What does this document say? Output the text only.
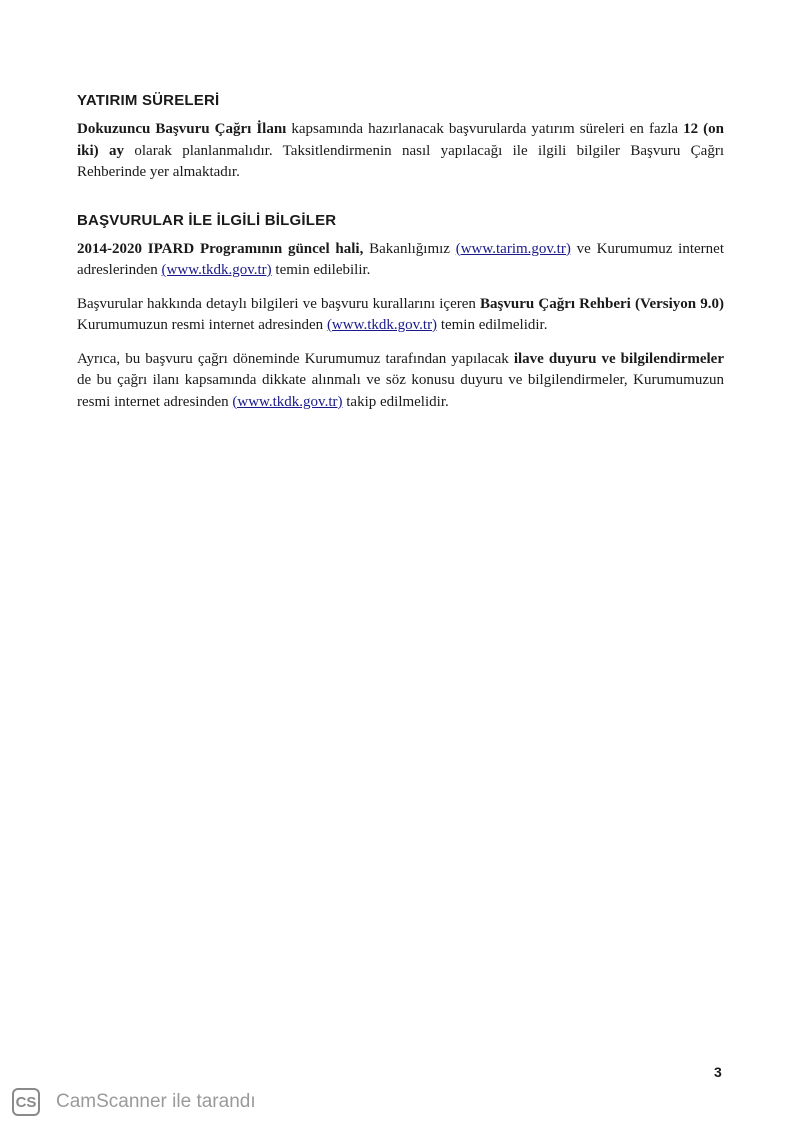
YATIRIM SÜRELERİ

Dokuzuncu Başvuru Çağrı İlanı kapsamında hazırlanacak başvurularda yatırım süreleri en fazla 12 (on iki) ay olarak planlanmalıdır. Taksitlendirmenin nasıl yapılacağı ile ilgili bilgiler Başvuru Çağrı Rehberinde yer almaktadır.

BAŞVURULAR İLE İLGİLİ BİLGİLER

2014-2020 IPARD Programının güncel hali, Bakanlığımız (www.tarim.gov.tr) ve Kurumumuz internet adreslerinden (www.tkdk.gov.tr) temin edilebilir.

Başvurular hakkında detaylı bilgileri ve başvuru kurallarını içeren Başvuru Çağrı Rehberi (Versiyon 9.0) Kurumumuzun resmi internet adresinden (www.tkdk.gov.tr) temin edilmelidir.

Ayrıca, bu başvuru çağrı döneminde Kurumumuz tarafından yapılacak ilave duyuru ve bilgilendirmeler de bu çağrı ilanı kapsamında dikkate alınmalı ve söz konusu duyuru ve bilgilendirmeler, Kurumumuzun resmi internet adresinden (www.tkdk.gov.tr) takip edilmelidir.

3
CS CamScanner ile tarandı
